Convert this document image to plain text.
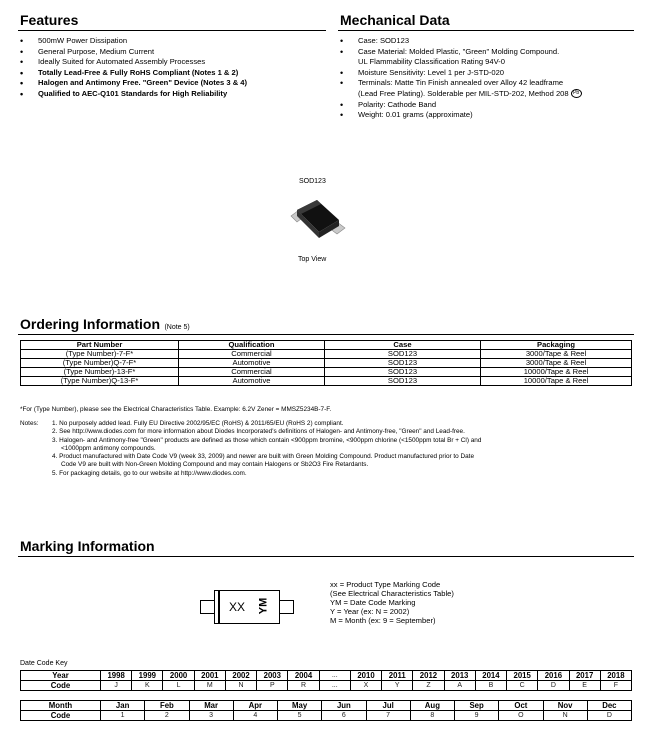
Features
• 500mW Power Dissipation
• General Purpose, Medium Current
• Ideally Suited for Automated Assembly Processes
• Totally Lead-Free & Fully RoHS Compliant (Notes 1 & 2)
• Halogen and Antimony Free. "Green" Device (Notes 3 & 4)
• Qualified to AEC-Q101 Standards for High Reliability
Mechanical Data
• Case: SOD123
• Case Material: Molded Plastic, "Green" Molding Compound.
UL Flammability Classification Rating 94V-0
• Moisture Sensitivity: Level 1 per J-STD-020
• Terminals: Matte Tin Finish annealed over Alloy 42 leadframe
(Lead Free Plating). Solderable per MIL-STD-202, Method 208 Pb
• Polarity: Cathode Band
• Weight: 0.01 grams (approximate)
SOD123
Top View
Ordering Information (Note 5)
Part Number	Qualification	Case	Packaging
(Type Number)-7-F*	Commercial	SOD123	3000/Tape & Reel
(Type Number)Q-7-F*	Automotive	SOD123	3000/Tape & Reel
(Type Number)-13-F*	Commercial	SOD123	10000/Tape & Reel
(Type Number)Q-13-F*	Automotive	SOD123	10000/Tape & Reel
*For (Type Number), please see the Electrical Characteristics Table. Example: 6.2V Zener = MMSZ5234B-7-F.
Notes: 1. No purposely added lead. Fully EU Directive 2002/95/EC (RoHS) & 2011/65/EU (RoHS 2) compliant.
2. See http://www.diodes.com for more information about Diodes Incorporated's definitions of Halogen- and Antimony-free, "Green" and Lead-free.
3. Halogen- and Antimony-free "Green" products are defined as those which contain <900ppm bromine, <900ppm chlorine (<1500ppm total Br + Cl) and
<1000ppm antimony compounds.
4. Product manufactured with Date Code V9 (week 33, 2009) and newer are built with Green Molding Compound. Product manufactured prior to Date
Code V9 are built with Non-Green Molding Compound and may contain Halogens or Sb2O3 Fire Retardants.
5. For packaging details, go to our website at http://www.diodes.com.
Marking Information
XX YM
xx = Product Type Marking Code
(See Electrical Characteristics Table)
YM = Date Code Marking
Y = Year (ex: N = 2002)
M = Month (ex: 9 = September)
Date Code Key
Year	1998	1999	2000	2001	2002	2003	2004	...	2010	2011	2012	2013	2014	2015	2016	2017	2018
Code	J	K	L	M	N	P	R	...	X	Y	Z	A	B	C	D	E	F
Month	Jan	Feb	Mar	Apr	May	Jun	Jul	Aug	Sep	Oct	Nov	Dec
Code	1	2	3	4	5	6	7	8	9	O	N	D
